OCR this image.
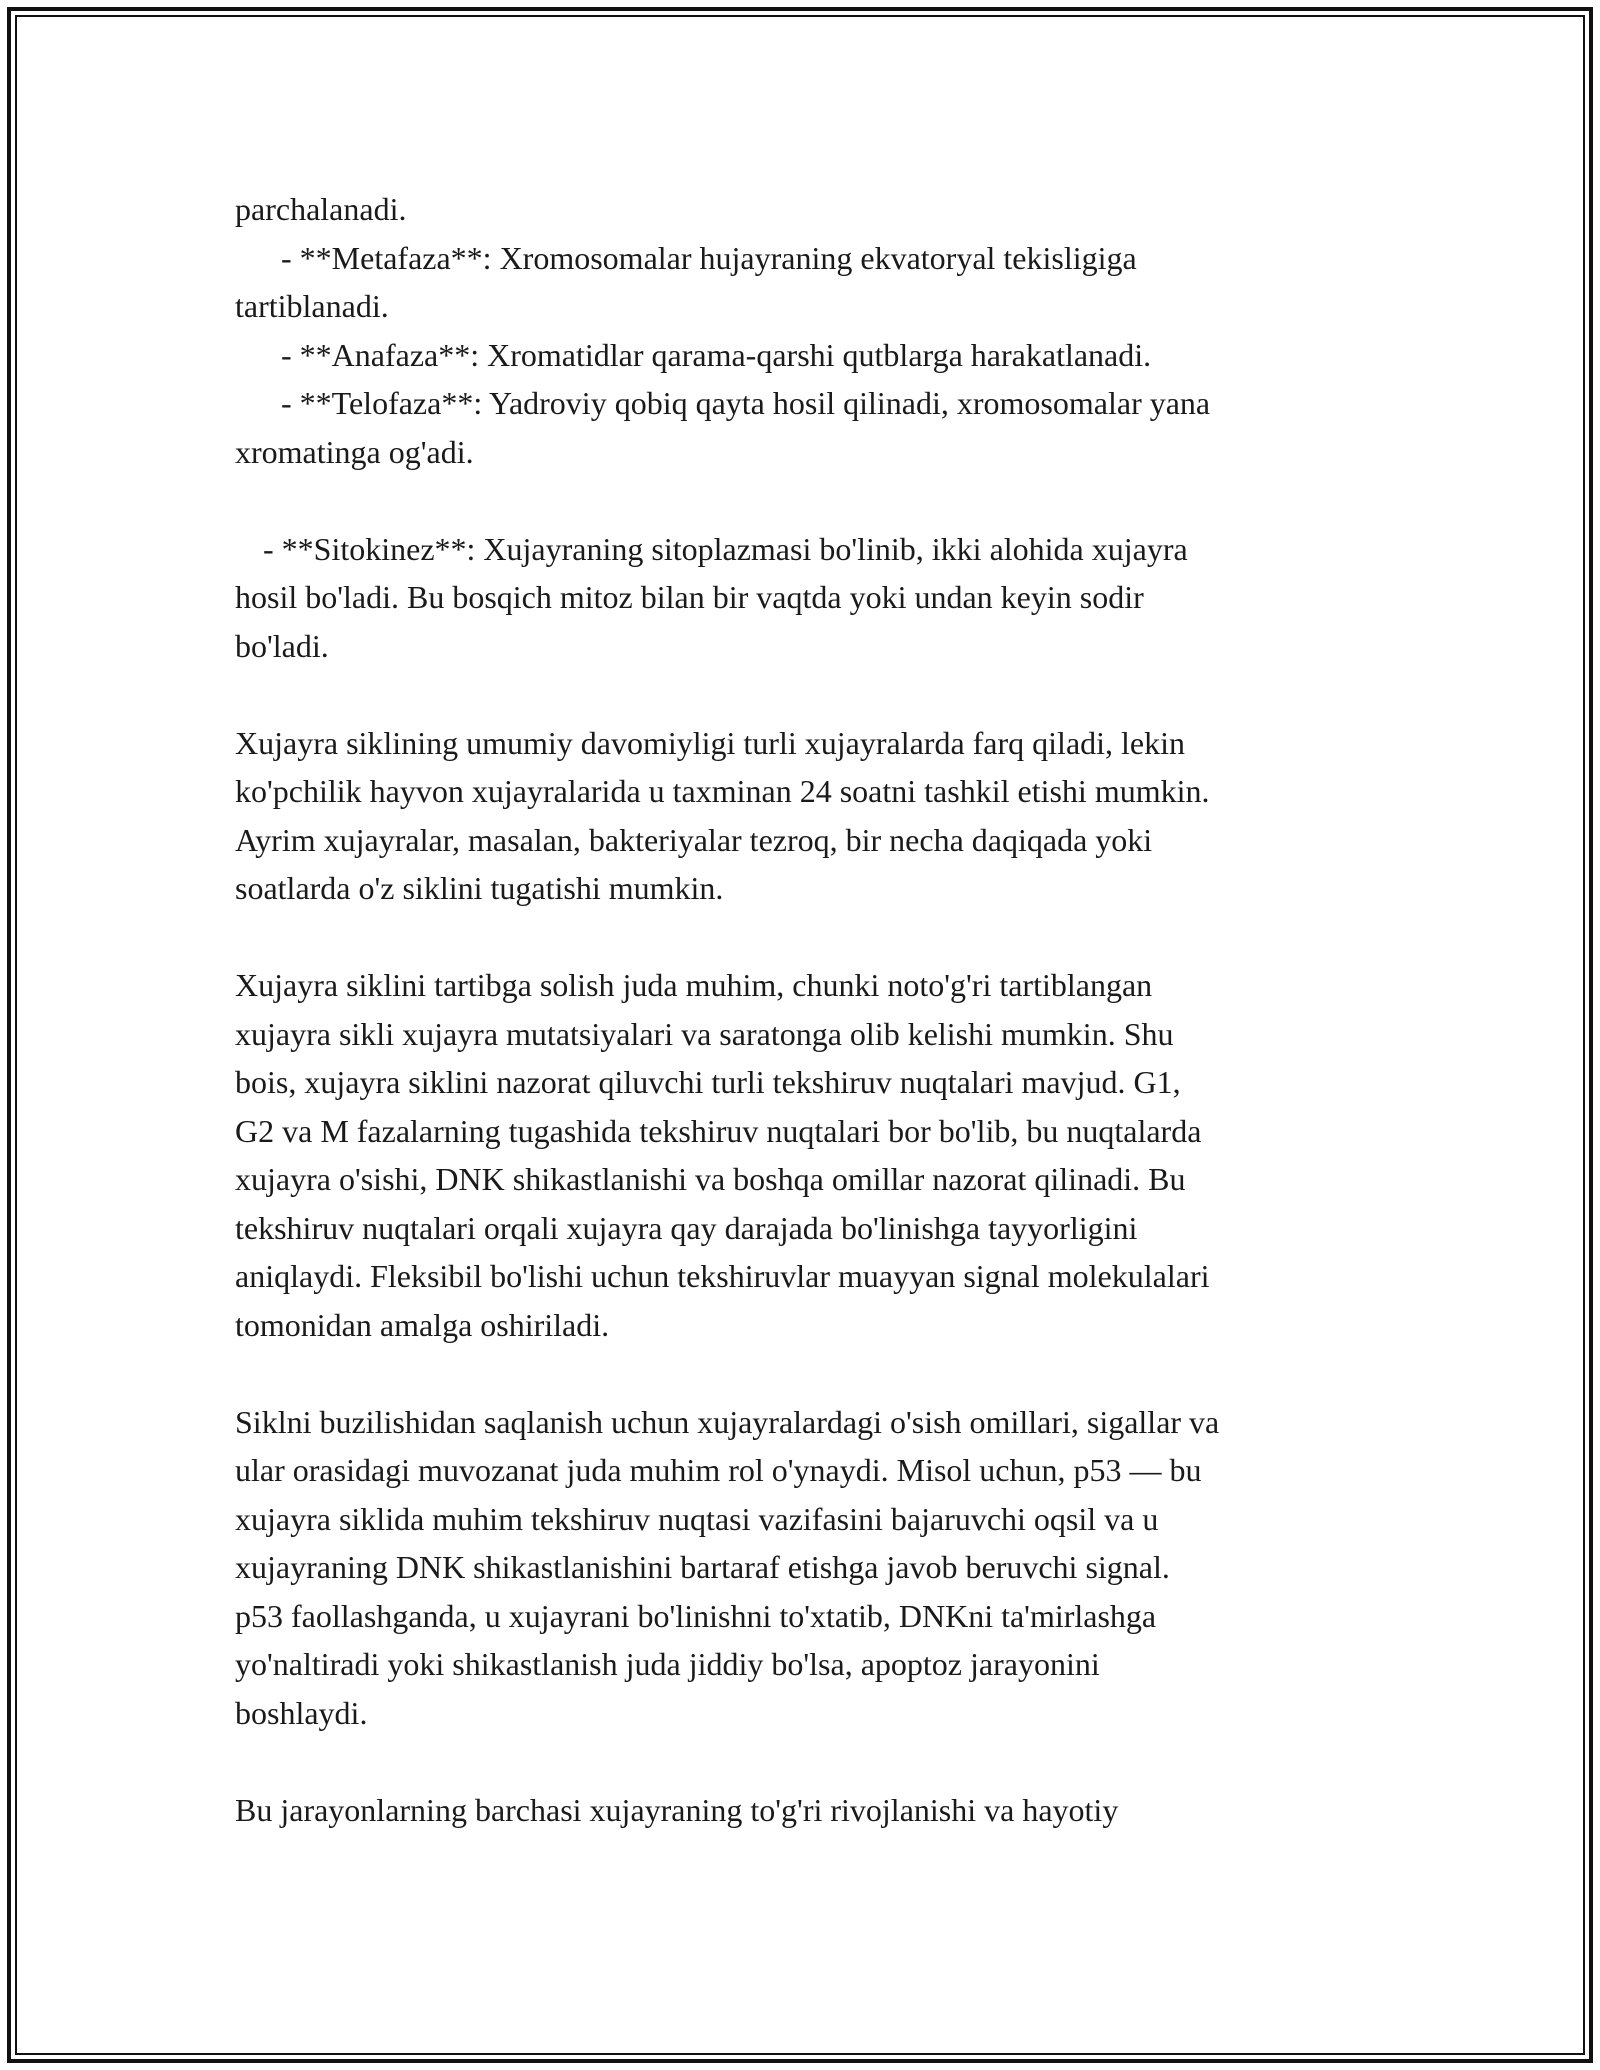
parchalanadi.
- **Metafaza**: Xromosomalar hujayraning ekvatoryal tekisligiga
tartiblanadi.
- **Anafaza**: Xromatidlar qarama-qarshi qutblarga harakatlanadi.
- **Telofaza**: Yadroviy qobiq qayta hosil qilinadi, xromosomalar yana
xromatinga og'adi.
- **Sitokinez**: Xujayraning sitoplazmasi bo'linib, ikki alohida xujayra
hosil bo'ladi. Bu bosqich mitoz bilan bir vaqtda yoki undan keyin sodir
bo'ladi.
Xujayra siklining umumiy davomiyligi turli xujayralarda farq qiladi, lekin
ko'pchilik hayvon xujayralarida u taxminan 24 soatni tashkil etishi mumkin.
Ayrim xujayralar, masalan, bakteriyalar tezroq, bir necha daqiqada yoki
soatlarda o'z siklini tugatishi mumkin.
Xujayra siklini tartibga solish juda muhim, chunki noto'g'ri tartiblangan
xujayra sikli xujayra mutatsiyalari va saratonga olib kelishi mumkin. Shu
bois, xujayra siklini nazorat qiluvchi turli tekshiruv nuqtalari mavjud. G1,
G2 va M fazalarning tugashida tekshiruv nuqtalari bor bo'lib, bu nuqtalarda
xujayra o'sishi, DNK shikastlanishi va boshqa omillar nazorat qilinadi. Bu
tekshiruv nuqtalari orqali xujayra qay darajada bo'linishga tayyorligini
aniqlaydi. Fleksibil bo'lishi uchun tekshiruvlar muayyan signal molekulalari
tomonidan amalga oshiriladi.
Siklni buzilishidan saqlanish uchun xujayralardagi o'sish omillari, sigallar va
ular orasidagi muvozanat juda muhim rol o'ynaydi. Misol uchun, p53 — bu
xujayra siklida muhim tekshiruv nuqtasi vazifasini bajaruvchi oqsil va u
xujayraning DNK shikastlanishini bartaraf etishga javob beruvchi signal.
p53 faollashganda, u xujayrani bo'linishni to'xtatib, DNKni ta'mirlashga
yo'naltiradi yoki shikastlanish juda jiddiy bo'lsa, apoptoz jarayonini
boshlaydi.
Bu jarayonlarning barchasi xujayraning to'g'ri rivojlanishi va hayotiy
